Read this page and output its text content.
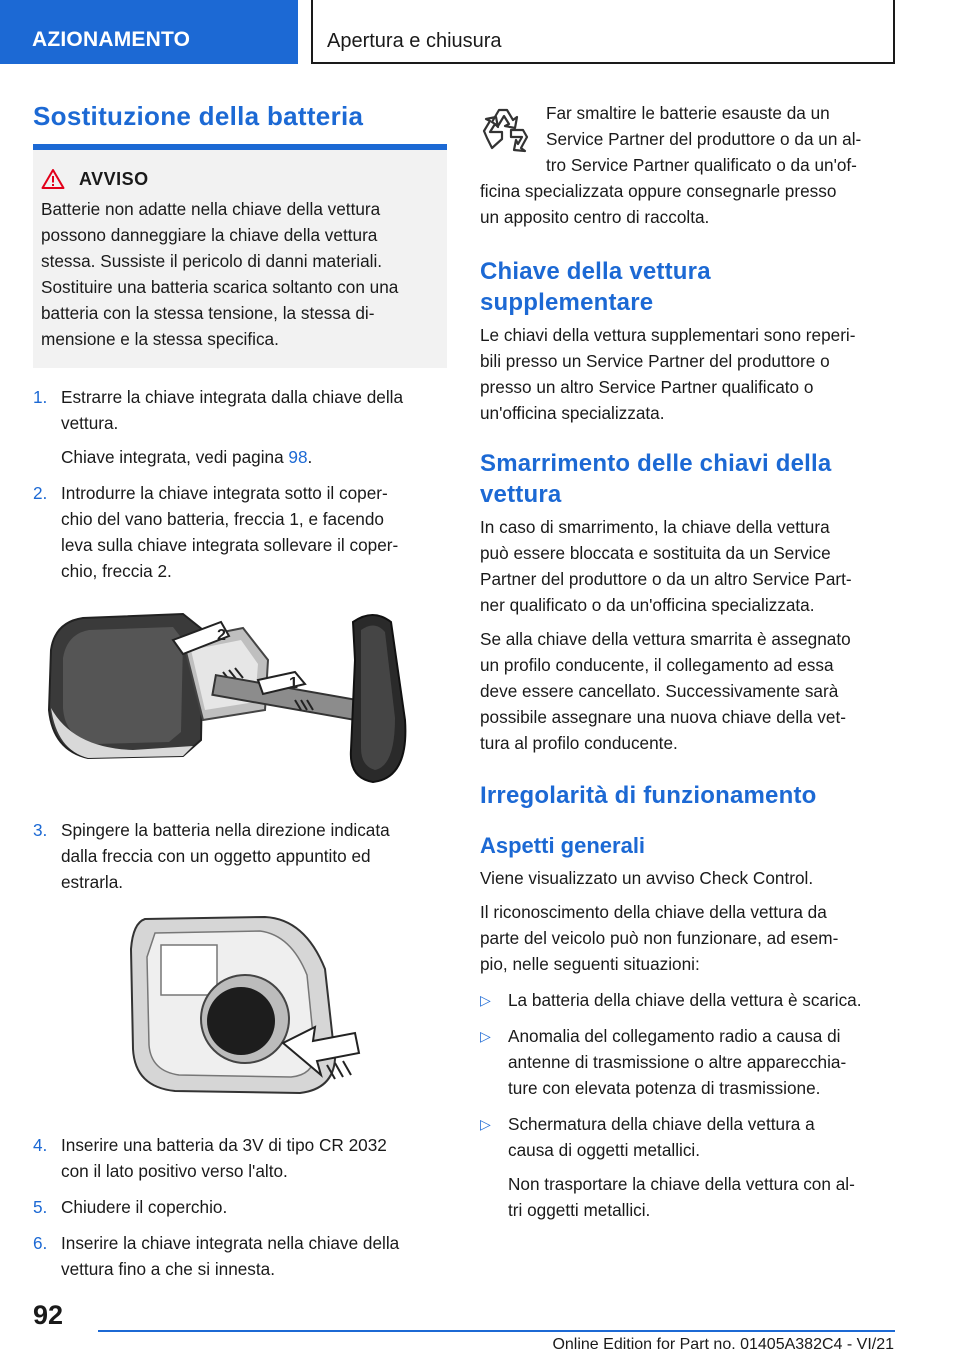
AZIONAMENTO	Apertura e chiusura
Sostituzione della batteria
AVVISO

Batterie non adatte nella chiave della vettura
possono danneggiare la chiave della vettura
stessa. Sussiste il pericolo di danni materiali.
Sostituire una batteria scarica soltanto con una
batteria con la stessa tensione, la stessa di-
mensione e la stessa specifica.

1. Estrarre la chiave integrata dalla chiave della
vettura.
Chiave integrata, vedi pagina 98.
2. Introdurre la chiave integrata sotto il coper-
chio del vano batteria, freccia 1, e facendo
leva sulla chiave integrata sollevare il coper-
chio, freccia 2.
2
1
3. Spingere la batteria nella direzione indicata
dalla freccia con un oggetto appuntito ed
estrarla.
4. Inserire una batteria da 3V di tipo CR 2032
con il lato positivo verso l'alto.
5. Chiudere il coperchio.
6. Inserire la chiave integrata nella chiave della
vettura fino a che si innesta.
Far smaltire le batterie esauste da un
Service Partner del produttore o da un al-
tro Service Partner qualificato o da un'of-
ficina specializzata oppure consegnarle presso
un apposito centro di raccolta.
Chiave della vettura
supplementare
Le chiavi della vettura supplementari sono reperi-
bili presso un Service Partner del produttore o
presso un altro Service Partner qualificato o
un'officina specializzata.
Smarrimento delle chiavi della
vettura
In caso di smarrimento, la chiave della vettura
può essere bloccata e sostituita da un Service
Partner del produttore o da un altro Service Part-
ner qualificato o da un'officina specializzata.
Se alla chiave della vettura smarrita è assegnato
un profilo conducente, il collegamento ad essa
deve essere cancellato. Successivamente sarà
possibile assegnare una nuova chiave della vet-
tura al profilo conducente.
Irregolarità di funzionamento
Aspetti generali
Viene visualizzato un avviso Check Control.
Il riconoscimento della chiave della vettura da
parte del veicolo può non funzionare, ad esem-
pio, nelle seguenti situazioni:
▷ La batteria della chiave della vettura è scarica.
▷ Anomalia del collegamento radio a causa di
antenne di trasmissione o altre apparecchia-
ture con elevata potenza di trasmissione.
▷ Schermatura della chiave della vettura a
causa di oggetti metallici.
Non trasportare la chiave della vettura con al-
tri oggetti metallici.
92
Online Edition for Part no. 01405A382C4 - VI/21
